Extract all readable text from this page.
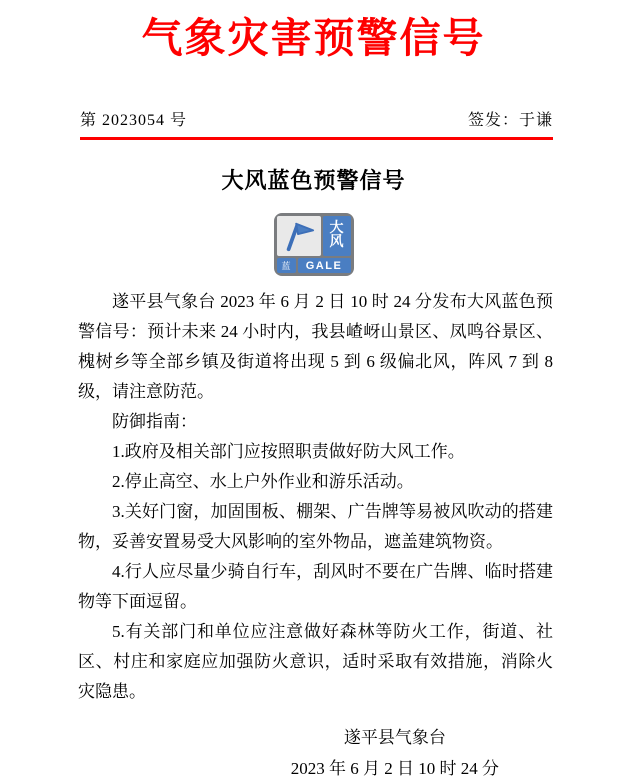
气象灾害预警信号
第 2023054 号	签发：于谦
大风蓝色预警信号
大
风
蓝	GALE

遂平县气象台 2023 年 6 月 2 日 10 时 24 分发布大风蓝色预警信号：预计未来 24 小时内，我县嵖岈山景区、凤鸣谷景区、槐树乡等全部乡镇及街道将出现 5 到 6 级偏北风，阵风 7 到 8 级，请注意防范。

防御指南：

1.政府及相关部门应按照职责做好防大风工作。

2.停止高空、水上户外作业和游乐活动。

3.关好门窗，加固围板、棚架、广告牌等易被风吹动的搭建物，妥善安置易受大风影响的室外物品，遮盖建筑物资。

4.行人应尽量少骑自行车，刮风时不要在广告牌、临时搭建物等下面逗留。

5.有关部门和单位应注意做好森林等防火工作，街道、社区、村庄和家庭应加强防火意识，适时采取有效措施，消除火灾隐患。

遂平县气象台
2023 年 6 月 2 日 10 时 24 分
